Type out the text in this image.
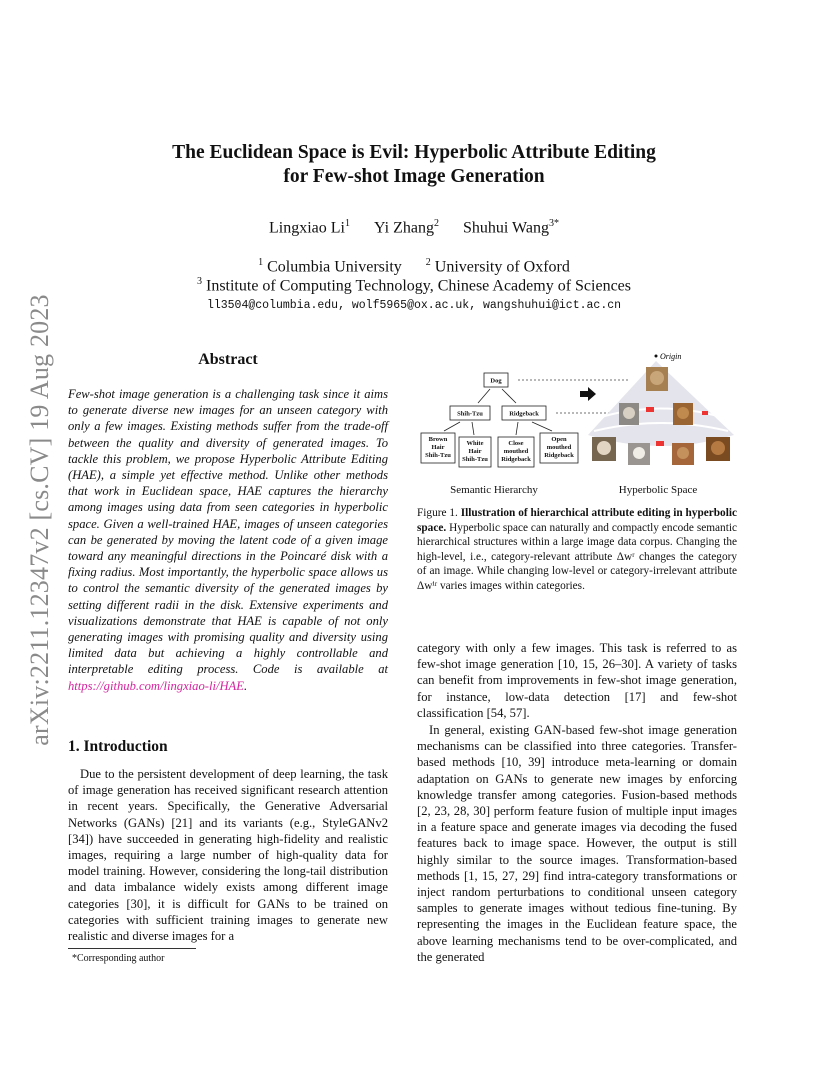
arXiv:2211.12347v2 [cs.CV] 19 Aug 2023
The Euclidean Space is Evil: Hyperbolic Attribute Editing
for Few-shot Image Generation
Lingxiao Li$^1$ Yi Zhang$^2$ Shuhui Wang$^{3*}$
$^1$ Columbia University $^2$ University of Oxford
$^3$ Institute of Computing Technology, Chinese Academy of Sciences
ll3504@columbia.edu, wolf5965@ox.ac.uk, wangshuhui@ict.ac.cn
Abstract
Few-shot image generation is a challenging task since it aims to generate diverse new images for an unseen category with only a few images. Existing methods suffer from the trade-off between the quality and diversity of generated images. To tackle this problem, we propose Hyperbolic Attribute Editing (HAE), a simple yet effective method. Unlike other methods that work in Euclidean space, HAE captures the hierarchy among images using data from seen categories in hyperbolic space. Given a well-trained HAE, images of unseen categories can be generated by moving the latent code of a given image toward any meaningful directions in the Poincaré disk with a fixing radius. Most importantly, the hyperbolic space allows us to control the semantic diversity of the generated images by setting different radii in the disk. Extensive experiments and visualizations demonstrate that HAE is capable of not only generating images with promising quality and diversity using limited data but achieving a highly controllable and interpretable editing process. Code is available at https://github.com/lingxiao-li/HAE.
1. Introduction
Due to the persistent development of deep learning, the task of image generation has received significant research attention in recent years. Specifically, the Generative Adversarial Networks (GANs) [21] and its variants (e.g., StyleGANv2 [34]) have succeeded in generating high-fidelity and realistic images, requiring a large number of high-quality data for model training. However, considering the long-tail distribution and data imbalance widely exists among different image categories [30], it is difficult for GANs to be trained on categories with sufficient training images to generate new realistic and diverse images for a
*Corresponding author
Dog
Shih-Tzu	Ridgeback
Brown
Hair
Shih-Tzu
White
Hair
Shih-Tzu
Close
mouthed
Ridgeback
Open
mouthed
Ridgeback
Origin
Semantic Hierarchy	Hyperbolic Space
Figure 1. Illustration of hierarchical attribute editing in hyperbolic space. Hyperbolic space can naturally and compactly encode semantic hierarchical structures within a large image data corpus. Changing the high-level, i.e., category-relevant attribute Δwʳ changes the category of an image. While changing low-level or category-irrelevant attribute Δwⁱʳ varies images within categories.
category with only a few images. This task is referred to as few-shot image generation [10, 15, 26–30]. A variety of tasks can benefit from improvements in few-shot image generation, for instance, low-data detection [17] and few-shot classification [54, 57].
In general, existing GAN-based few-shot image generation mechanisms can be classified into three categories. Transfer-based methods [10, 39] introduce meta-learning or domain adaptation on GANs to generate new images by enforcing knowledge transfer among categories. Fusion-based methods [2, 23, 28, 30] perform feature fusion of multiple input images in a feature space and generate images via decoding the fused features back to image space. However, the output is still highly similar to the source images. Transformation-based methods [1, 15, 27, 29] find intra-category transformations or inject random perturbations to conditional unseen category samples to generate images without tedious fine-tuning. By representing the images in the Euclidean feature space, the above learning mechanisms tend to be over-complicated, and the generated
